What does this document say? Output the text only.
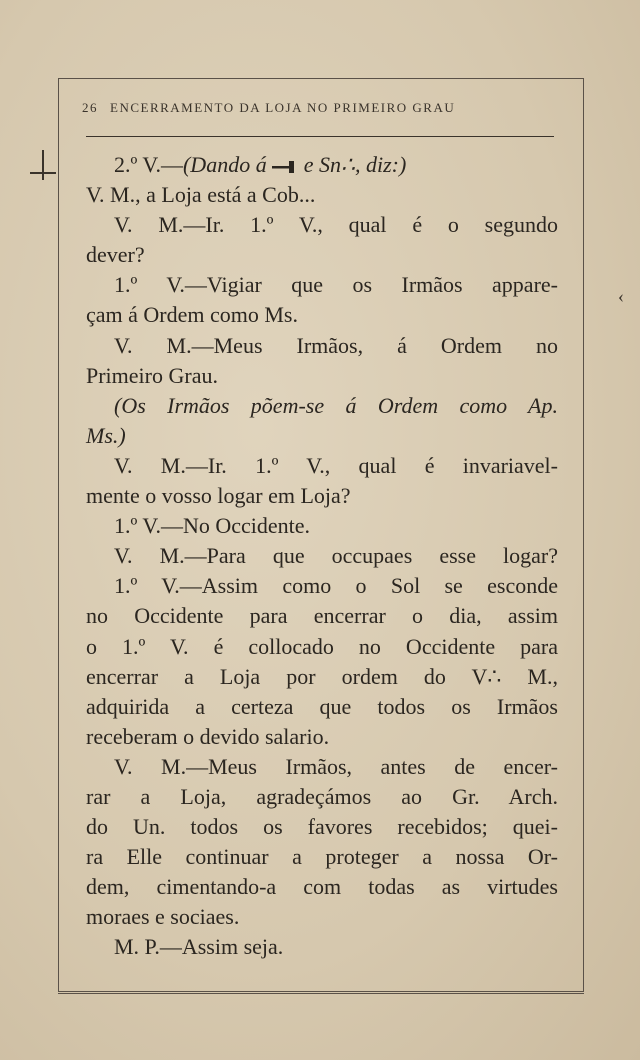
‹
26 ENCERRAMENTO DA LOJA NO PRIMEIRO GRAU
2.º V.—(Dando á e Sn∴, diz:)
V. M., a Loja está a Cob...
V. M.—Ir. 1.º V., qual é o segundo
dever?
1.º V.—Vigiar que os Irmãos appare-
çam á Ordem como Ms.
V. M.—Meus Irmãos, á Ordem no
Primeiro Grau.
(Os Irmãos põem-se á Ordem como Ap.
Ms.)
V. M.—Ir. 1.º V., qual é invariavel-
mente o vosso logar em Loja?
1.º V.—No Occidente.
V. M.—Para que occupaes esse logar?
1.º V.—Assim como o Sol se esconde
no Occidente para encerrar o dia, assim
o 1.º V. é collocado no Occidente para
encerrar a Loja por ordem do V∴ M.,
adquirida a certeza que todos os Irmãos
receberam o devido salario.
V. M.—Meus Irmãos, antes de encer-
rar a Loja, agradeçámos ao Gr. Arch.
do Un. todos os favores recebidos; quei-
ra Elle continuar a proteger a nossa Or-
dem, cimentando-a com todas as virtudes
moraes e sociaes.
M. P.—Assim seja.
